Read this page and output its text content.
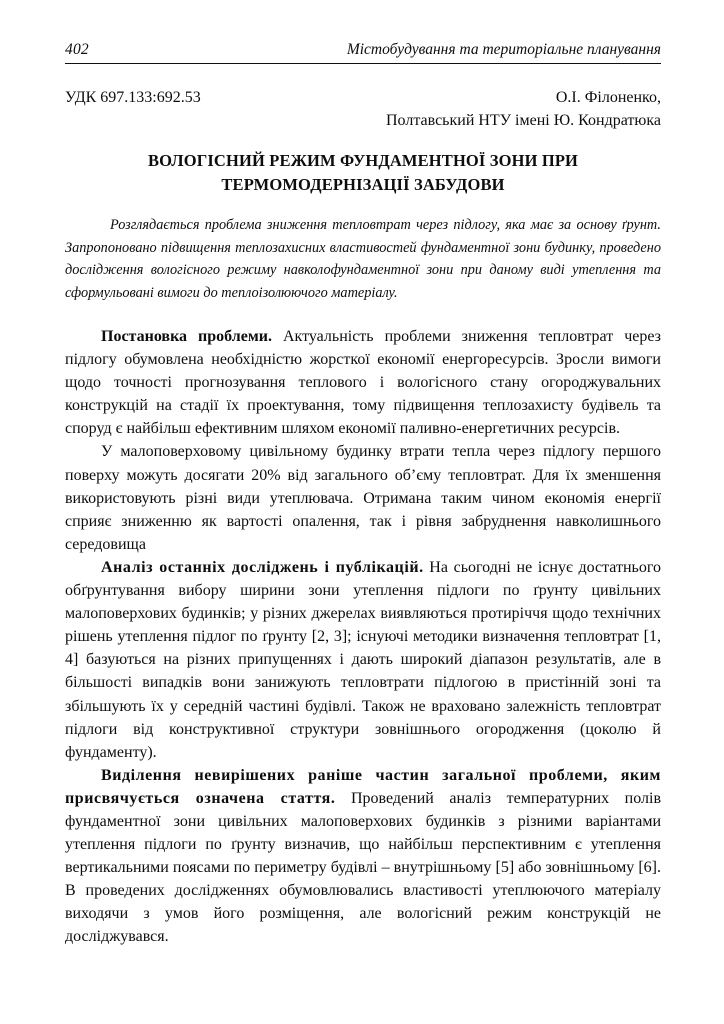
402	Містобудування та територіальне планування
УДК 697.133:692.53	О.І. Філоненко,
Полтавський НТУ імені Ю. Кондратюка
ВОЛОГІСНИЙ РЕЖИМ ФУНДАМЕНТНОЇ ЗОНИ ПРИ
ТЕРМОМОДЕРНІЗАЦІЇ ЗАБУДОВИ
Розглядається проблема зниження тепловтрат через підлогу, яка має за основу ґрунт. Запропоновано підвищення теплозахисних властивостей фундаментної зони будинку, проведено дослідження вологісного режиму навколофундаментної зони при даному виді утеплення та сформульовані вимоги до теплоізолюючого матеріалу.

Постановка проблеми. Актуальність проблеми зниження тепловтрат через підлогу обумовлена необхідністю жорсткої економії енергоресурсів. Зросли вимоги щодо точності прогнозування теплового і вологісного стану огороджувальних конструкцій на стадії їх проектування, тому підвищення теплозахисту будівель та споруд є найбільш ефективним шляхом економії паливно-енергетичних ресурсів.

У малоповерховому цивільному будинку втрати тепла через підлогу першого поверху можуть досягати 20% від загального об’єму тепловтрат. Для їх зменшення використовують різні види утеплювача. Отримана таким чином економія енергії сприяє зниженню як вартості опалення, так і рівня забруднення навколишнього середовища

Аналіз останніх досліджень і публікацій. На сьогодні не існує достатнього обґрунтування вибору ширини зони утеплення підлоги по ґрунту цивільних малоповерхових будинків; у різних джерелах виявляються протиріччя щодо технічних рішень утеплення підлог по ґрунту [2, 3]; існуючі методики визначення тепловтрат [1, 4] базуються на різних припущеннях і дають широкий діапазон результатів, але в більшості випадків вони занижують тепловтрати підлогою в пристінній зоні та збільшують їх у середній частині будівлі. Також не враховано залежність тепловтрат підлоги від конструктивної структури зовнішнього огородження (цоколю й фундаменту).

Виділення невирішених раніше частин загальної проблеми, яким присвячується означена стаття. Проведений аналіз температурних полів фундаментної зони цивільних малоповерхових будинків з різними варіантами утеплення підлоги по ґрунту визначив, що найбільш перспективним є утеплення вертикальними поясами по периметру будівлі – внутрішньому [5] або зовнішньому [6]. В проведених дослідженнях обумовлювались властивості утеплюючого матеріалу виходячи з умов його розміщення, але вологісний режим конструкцій не досліджувався.
